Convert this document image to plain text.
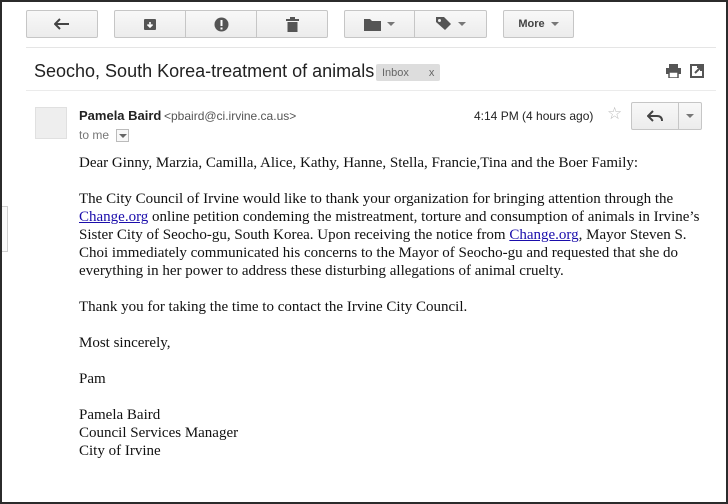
More
Seocho, South Korea-treatment of animals Inbox x
Pamela Baird <pbaird@ci.irvine.ca.us>
to me
4:14 PM (4 hours ago) ☆

Dear Ginny, Marzia, Camilla, Alice, Kathy, Hanne, Stella, Francie,Tina and the Boer Family:

The City Council of Irvine would like to thank your organization for bringing attention through the Change.org online petition condeming the mistreatment, torture and consumption of animals in Irvine’s Sister City of Seocho-gu, South Korea. Upon receiving the notice from Change.org, Mayor Steven S. Choi immediately communicated his concerns to the Mayor of Seocho-gu and requested that she do everything in her power to address these disturbing allegations of animal cruelty.

Thank you for taking the time to contact the Irvine City Council.

Most sincerely,

Pam

Pamela Baird

Council Services Manager

City of Irvine
